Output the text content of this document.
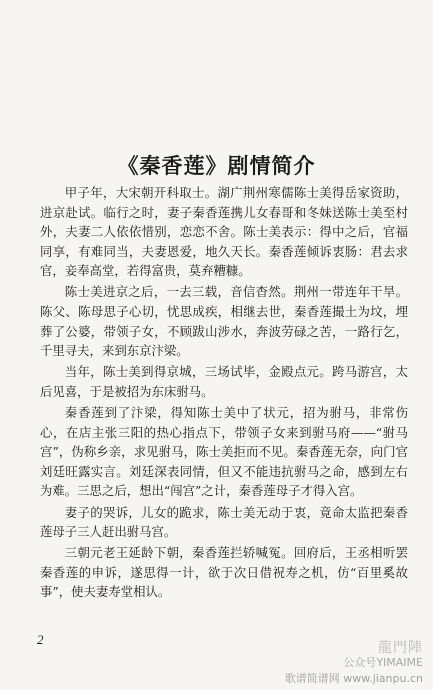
《秦香莲》剧情简介

甲子年，大宋朝开科取士。湖广荆州寒儒陈士美得岳家资助，进京赴试。临行之时，妻子秦香莲携儿女春哥和冬妹送陈士美至村外，夫妻二人依依惜别，恋恋不舍。陈士美表示：得中之后，官福同享，有难同当，夫妻恩爱，地久天长。秦香莲倾诉衷肠：君去求官，妾奉高堂，若得富贵，莫弃糟糠。

陈士美进京之后，一去三载，音信杳然。荆州一带连年干旱。陈父、陈母思子心切，忧思成疾，相继去世，秦香莲撮土为坟，埋葬了公婆，带领子女，不顾跋山涉水，奔波劳碌之苦，一路行乞，千里寻夫，来到东京汴梁。

当年，陈士美到得京城，三场试毕，金殿点元。跨马游宫，太后见喜，于是被招为东床驸马。

秦香莲到了汴梁，得知陈士美中了状元，招为驸马，非常伤心，在店主张三阳的热心指点下，带领子女来到驸马府——“驸马宫”，伪称乡亲，求见驸马，陈士美拒而不见。秦香莲无奈，向门官刘廷旺露实言。刘廷深表同情，但又不能违抗驸马之命，感到左右为难。三思之后，想出“闯宫”之计，秦香莲母子才得入宫。

妻子的哭诉，儿女的跪求，陈士美无动于衷，竟命太监把秦香莲母子三人赶出驸马宫。

三朝元老王延龄下朝，秦香莲拦轿喊冤。回府后，王丞相听罢秦香莲的申诉，遂思得一计，欲于次日借祝寿之机，仿“百里奚故事”，使夫妻寿堂相认。

2
龍門陣
公众号YIMAIME
歌谱简谱网 www.jianpu.cn
